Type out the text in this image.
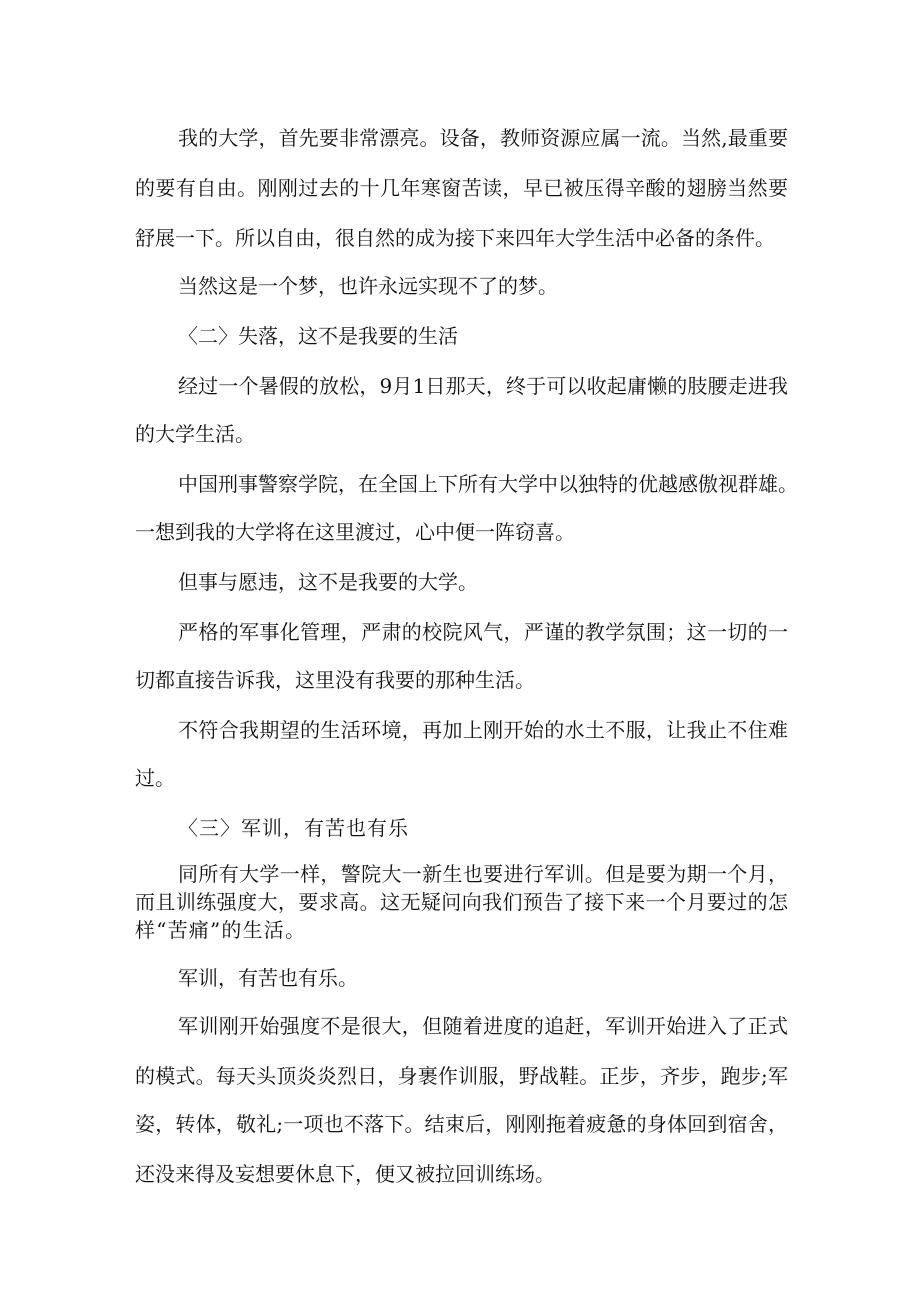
我的大学，首先要非常漂亮。设备，教师资源应属一流。当然,最重要
的要有自由。刚刚过去的十几年寒窗苦读，早已被压得辛酸的翅膀当然要
舒展一下。所以自由，很自然的成为接下来四年大学生活中必备的条件。
当然这是一个梦，也许永远实现不了的梦。
〈二〉失落，这不是我要的生活
经过一个暑假的放松，9月1日那天，终于可以收起庸懒的肢腰走进我
的大学生活。
中国刑事警察学院，在全国上下所有大学中以独特的优越感傲视群雄。
一想到我的大学将在这里渡过，心中便一阵窃喜。
但事与愿违，这不是我要的大学。
严格的军事化管理，严肃的校院风气，严谨的教学氛围；这一切的一
切都直接告诉我，这里没有我要的那种生活。
不符合我期望的生活环境，再加上刚开始的水土不服，让我止不住难
过。
〈三〉军训，有苦也有乐
同所有大学一样，警院大一新生也要进行军训。但是要为期一个月，
而且训练强度大，要求高。这无疑问向我们预告了接下来一个月要过的怎
样“苦痛”的生活。
军训，有苦也有乐。
军训刚开始强度不是很大，但随着进度的追赶，军训开始进入了正式
的模式。每天头顶炎炎烈日，身裹作训服，野战鞋。正步，齐步，跑步;军
姿，转体，敬礼;一项也不落下。结束后，刚刚拖着疲惫的身体回到宿舍，
还没来得及妄想要休息下，便又被拉回训练场。
